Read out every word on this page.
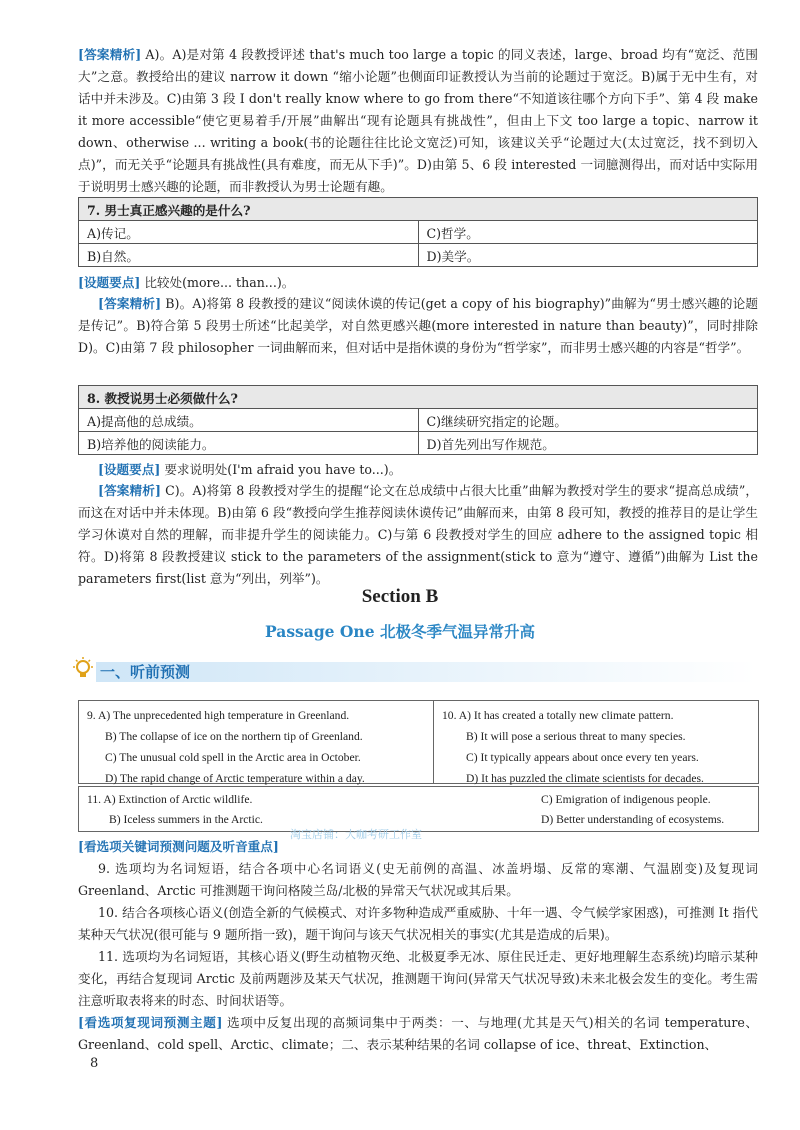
[答案精析] A)。A)是对第 4 段教授评述 that's much too large a topic 的同义表述，large、broad 均有“宽泛、范围大”之意。教授给出的建议 narrow it down “缩小论题”也侧面印证教授认为当前的论题过于宽泛。B)属于无中生有，对话中并未涉及。C)由第 3 段 I don't really know where to go from there“不知道该往哪个方向下手”、第 4 段 make it more accessible“使它更易着手/开展”曲解出“现有论题具有挑战性”，但由上下文 too large a topic、narrow it down、otherwise ... writing a book(书的论题往往比论文宽泛)可知，该建议关乎“论题过大(太过宽泛，找不到切入点)”，而无关乎“论题具有挑战性(具有难度，而无从下手)”。D)由第 5、6 段 interested 一词臆测得出，而对话中实际用于说明男士感兴趣的论题，而非教授认为男士论题有趣。

7. 男士真正感兴趣的是什么?	
A)传记。	C)哲学。
B)自然。	D)美学。

[设题要点] 比较处(more... than...)。

[答案精析] B)。A)将第 8 段教授的建议“阅读休谟的传记(get a copy of his biography)”曲解为“男士感兴趣的论题是传记”。B)符合第 5 段男士所述“比起美学，对自然更感兴趣(more interested in nature than beauty)”，同时排除 D)。C)由第 7 段 philosopher 一词曲解而来，但对话中是指休谟的身份为“哲学家”，而非男士感兴趣的内容是“哲学”。

8. 教授说男士必须做什么?	
A)提高他的总成绩。	C)继续研究指定的论题。
B)培养他的阅读能力。	D)首先列出写作规范。

[设题要点] 要求说明处(I'm afraid you have to...)。

[答案精析] C)。A)将第 8 段教授对学生的提醒“论文在总成绩中占很大比重”曲解为教授对学生的要求“提高总成绩”，而这在对话中并未体现。B)由第 6 段“教授向学生推荐阅读休谟传记”曲解而来，由第 8 段可知，教授的推荐目的是让学生学习休谟对自然的理解，而非提升学生的阅读能力。C)与第 6 段教授对学生的回应 adhere to the assigned topic 相符。D)将第 8 段教授建议 stick to the parameters of the assignment(stick to 意为“遵守、遵循”)曲解为 List the parameters first(list 意为“列出，列举”)。

Section B
Passage One 北极冬季气温异常升高
一、听前预测
9. A) The unprecedented high temperature in Greenland.
B) The collapse of ice on the northern tip of Greenland.
C) The unusual cold spell in the Arctic area in October.
D) The rapid change of Arctic temperature within a day.
10. A) It has created a totally new climate pattern.
B) It will pose a serious threat to many species.
C) It typically appears about once every ten years.
D) It has puzzled the climate scientists for decades.
11. A) Extinction of Arctic wildlife.	C) Emigration of indigenous people.
B) Iceless summers in the Arctic.	D) Better understanding of ecosystems.
淘宝店铺：大咖考研工作室

[看选项关键词预测问题及听音重点]

9. 选项均为名词短语，结合各项中心名词语义(史无前例的高温、冰盖坍塌、反常的寒潮、气温剧变)及复现词 Greenland、Arctic 可推测题干询问格陵兰岛/北极的异常天气状况或其后果。

10. 结合各项核心语义(创造全新的气候模式、对许多物种造成严重威胁、十年一遇、令气候学家困惑)，可推测 It 指代某种天气状况(很可能与 9 题所指一致)，题干询问与该天气状况相关的事实(尤其是造成的后果)。

11. 选项均为名词短语，其核心语义(野生动植物灭绝、北极夏季无冰、原住民迁走、更好地理解生态系统)均暗示某种变化，再结合复现词 Arctic 及前两题涉及某天气状况，推测题干询问(异常天气状况导致)未来北极会发生的变化。考生需注意听取表将来的时态、时间状语等。

[看选项复现词预测主题] 选项中反复出现的高频词集中于两类：一、与地理(尤其是天气)相关的名词 temperature、Greenland、cold spell、Arctic、climate；二、表示某种结果的名词 collapse of ice、threat、Extinction、

8
